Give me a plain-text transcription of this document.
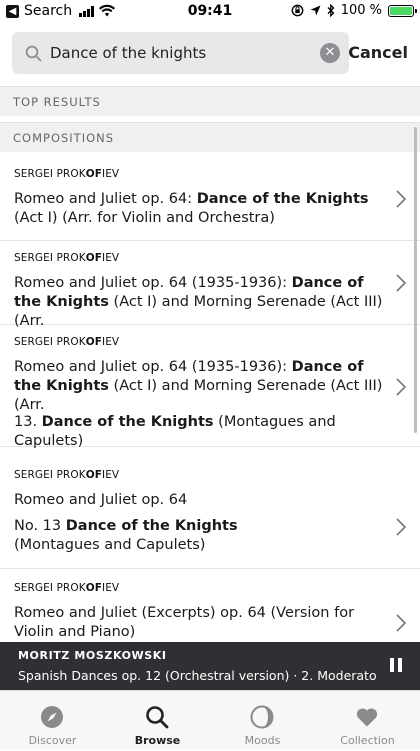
◀ Search	09:41	100 %
Dance of the knights
✕ Cancel
TOP RESULTS
COMPOSITIONS
SERGEI PROKOFIEV
Romeo and Juliet op. 64: Dance of the Knights (Act I) (Arr. for Violin and Orchestra)
SERGEI PROKOFIEV
Romeo and Juliet op. 64 (1935-1936): Dance of the Knights (Act I) and Morning Serenade (Act III) (Arr.
SERGEI PROKOFIEV
Romeo and Juliet op. 64 (1935-1936): Dance of the Knights (Act I) and Morning Serenade (Act III) (Arr.
13. Dance of the Knights (Montagues and Capulets)
SERGEI PROKOFIEV
Romeo and Juliet op. 64
No. 13 Dance of the Knights (Montagues and Capulets)
SERGEI PROKOFIEV
Romeo and Juliet (Excerpts) op. 64 (Version for Violin and Piano)
MORITZ MOSZKOWSKI
Spanish Dances op. 12 (Orchestral version) · 2. Moderato
Discover	Browse	Moods	Collection
